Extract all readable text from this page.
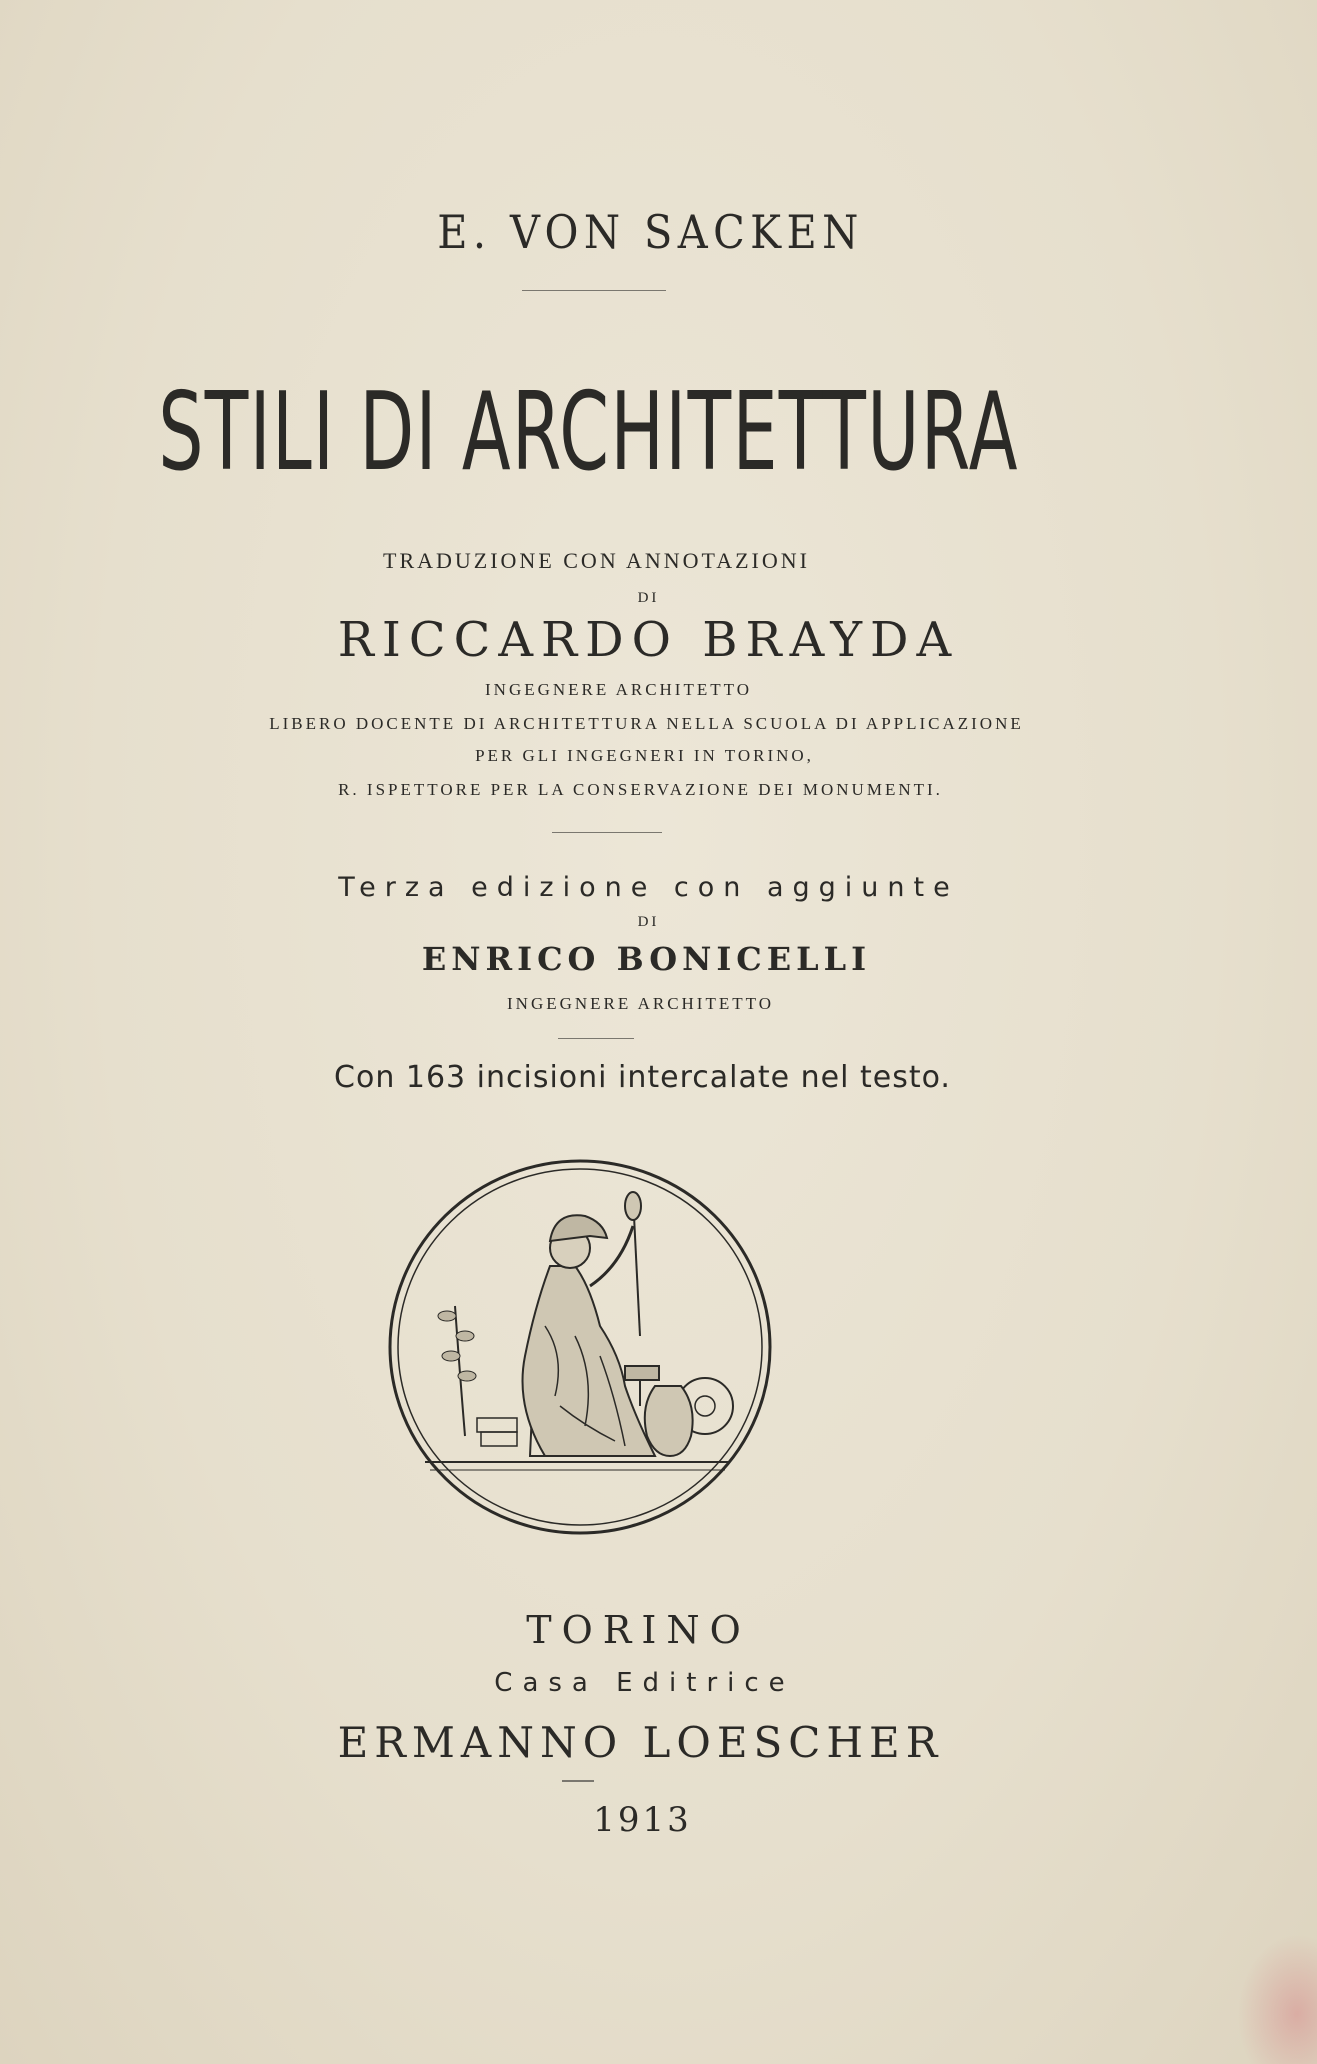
E. VON SACKEN
STILI DI ARCHITETTURA
TRADUZIONE CON ANNOTAZIONI
DI
RICCARDO BRAYDA
INGEGNERE ARCHITETTO
LIBERO DOCENTE DI ARCHITETTURA NELLA SCUOLA DI APPLICAZIONE
PER GLI INGEGNERI IN TORINO,
R. ISPETTORE PER LA CONSERVAZIONE DEI MONUMENTI.
Terza edizione con aggiunte
DI
ENRICO BONICELLI
INGEGNERE ARCHITETTO
Con 163 incisioni intercalate nel testo.
TORINO
Casa Editrice
ERMANNO LOESCHER
1913
